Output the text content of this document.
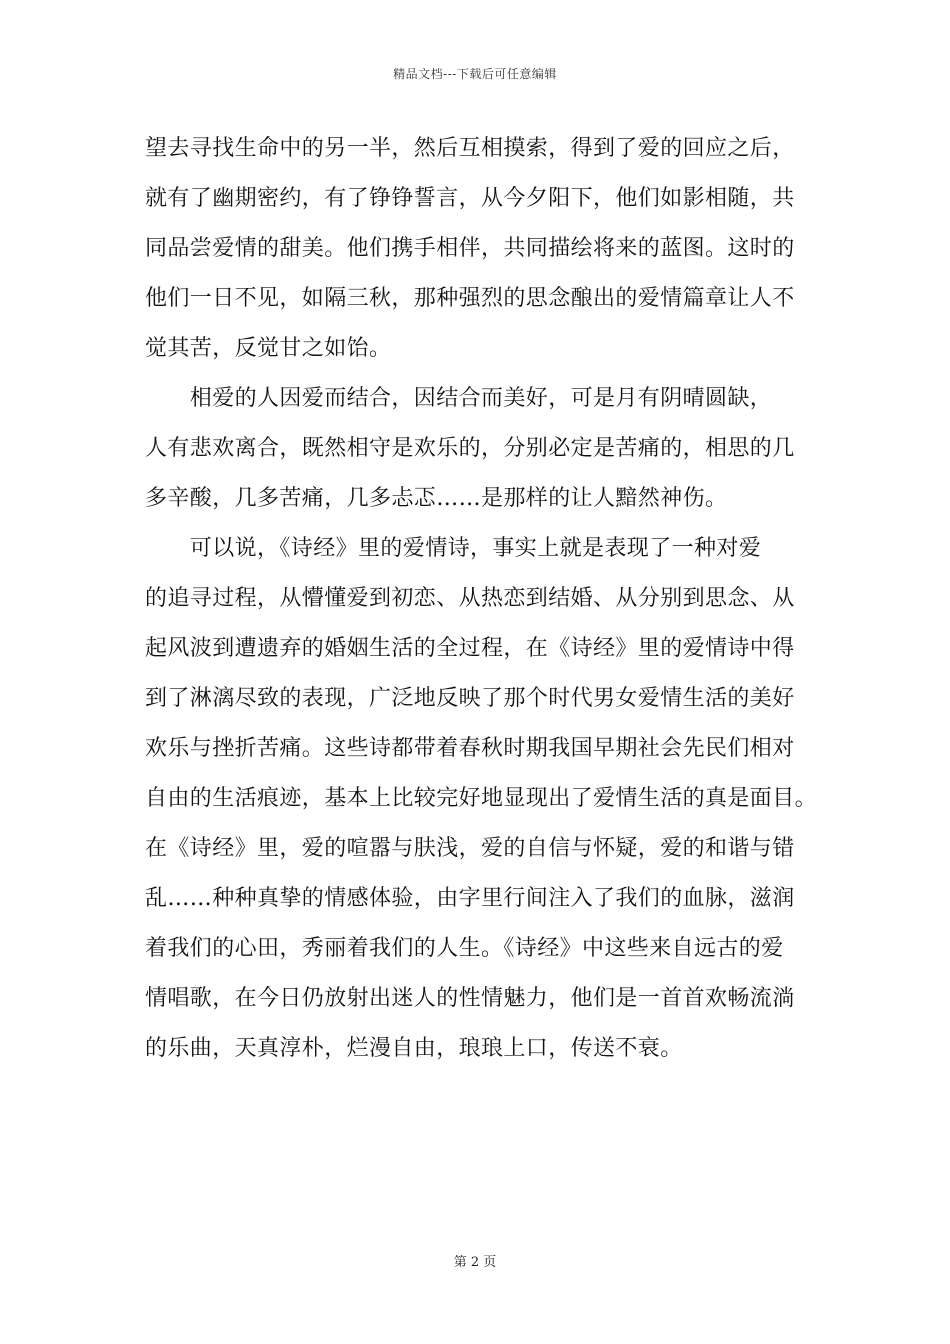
精品文档---下载后可任意编辑
望去寻找生命中的另一半，然后互相摸索，得到了爱的回应之后，
就有了幽期密约，有了铮铮誓言，从今夕阳下，他们如影相随，共
同品尝爱情的甜美。他们携手相伴，共同描绘将来的蓝图。这时的
他们一日不见，如隔三秋，那种强烈的思念酿出的爱情篇章让人不
觉其苦，反觉甘之如饴。
　　相爱的人因爱而结合，因结合而美好，可是月有阴晴圆缺，
人有悲欢离合，既然相守是欢乐的，分别必定是苦痛的，相思的几
多辛酸，几多苦痛，几多忐忑……是那样的让人黯然神伤。
　　可以说，《诗经》里的爱情诗，事实上就是表现了一种对爱
的追寻过程，从懵懂爱到初恋、从热恋到结婚、从分别到思念、从
起风波到遭遗弃的婚姻生活的全过程，在《诗经》里的爱情诗中得
到了淋漓尽致的表现，广泛地反映了那个时代男女爱情生活的美好
欢乐与挫折苦痛。这些诗都带着春秋时期我国早期社会先民们相对
自由的生活痕迹，基本上比较完好地显现出了爱情生活的真是面目。
在《诗经》里，爱的喧嚣与肤浅，爱的自信与怀疑，爱的和谐与错
乱……种种真挚的情感体验，由字里行间注入了我们的血脉，滋润
着我们的心田，秀丽着我们的人生。《诗经》中这些来自远古的爱
情唱歌，在今日仍放射出迷人的性情魅力，他们是一首首欢畅流淌
的乐曲，天真淳朴，烂漫自由，琅琅上口，传送不衰。
第 2 页
